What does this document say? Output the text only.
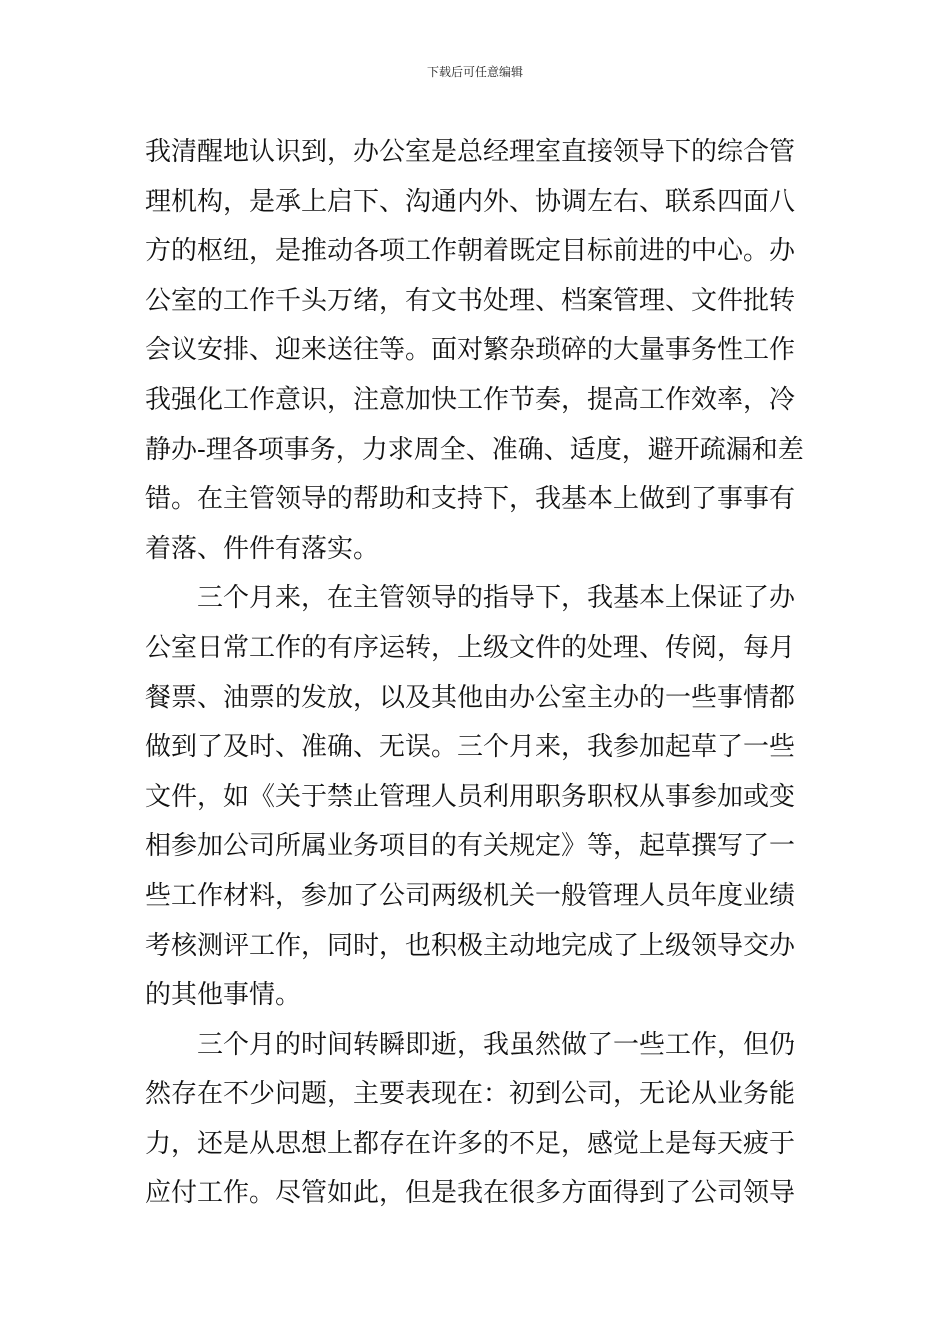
下载后可任意编辑
我清醒地认识到，办公室是总经理室直接领导下的综合管
理机构，是承上启下、沟通内外、协调左右、联系四面八
方的枢纽，是推动各项工作朝着既定目标前进的中心。办
公室的工作千头万绪，有文书处理、档案管理、文件批转
会议安排、迎来送往等。面对繁杂琐碎的大量事务性工作
我强化工作意识，注意加快工作节奏，提高工作效率，冷
静办-理各项事务，力求周全、准确、适度，避开疏漏和差
错。在主管领导的帮助和支持下，我基本上做到了事事有
着落、件件有落实。
三个月来，在主管领导的指导下，我基本上保证了办
公室日常工作的有序运转，上级文件的处理、传阅，每月
餐票、油票的发放，以及其他由办公室主办的一些事情都
做到了及时、准确、无误。三个月来，我参加起草了一些
文件，如《关于禁止管理人员利用职务职权从事参加或变
相参加公司所属业务项目的有关规定》等，起草撰写了一
些工作材料，参加了公司两级机关一般管理人员年度业绩
考核测评工作，同时，也积极主动地完成了上级领导交办
的其他事情。
三个月的时间转瞬即逝，我虽然做了一些工作，但仍
然存在不少问题，主要表现在：初到公司，无论从业务能
力，还是从思想上都存在许多的不足，感觉上是每天疲于
应付工作。尽管如此，但是我在很多方面得到了公司领导
